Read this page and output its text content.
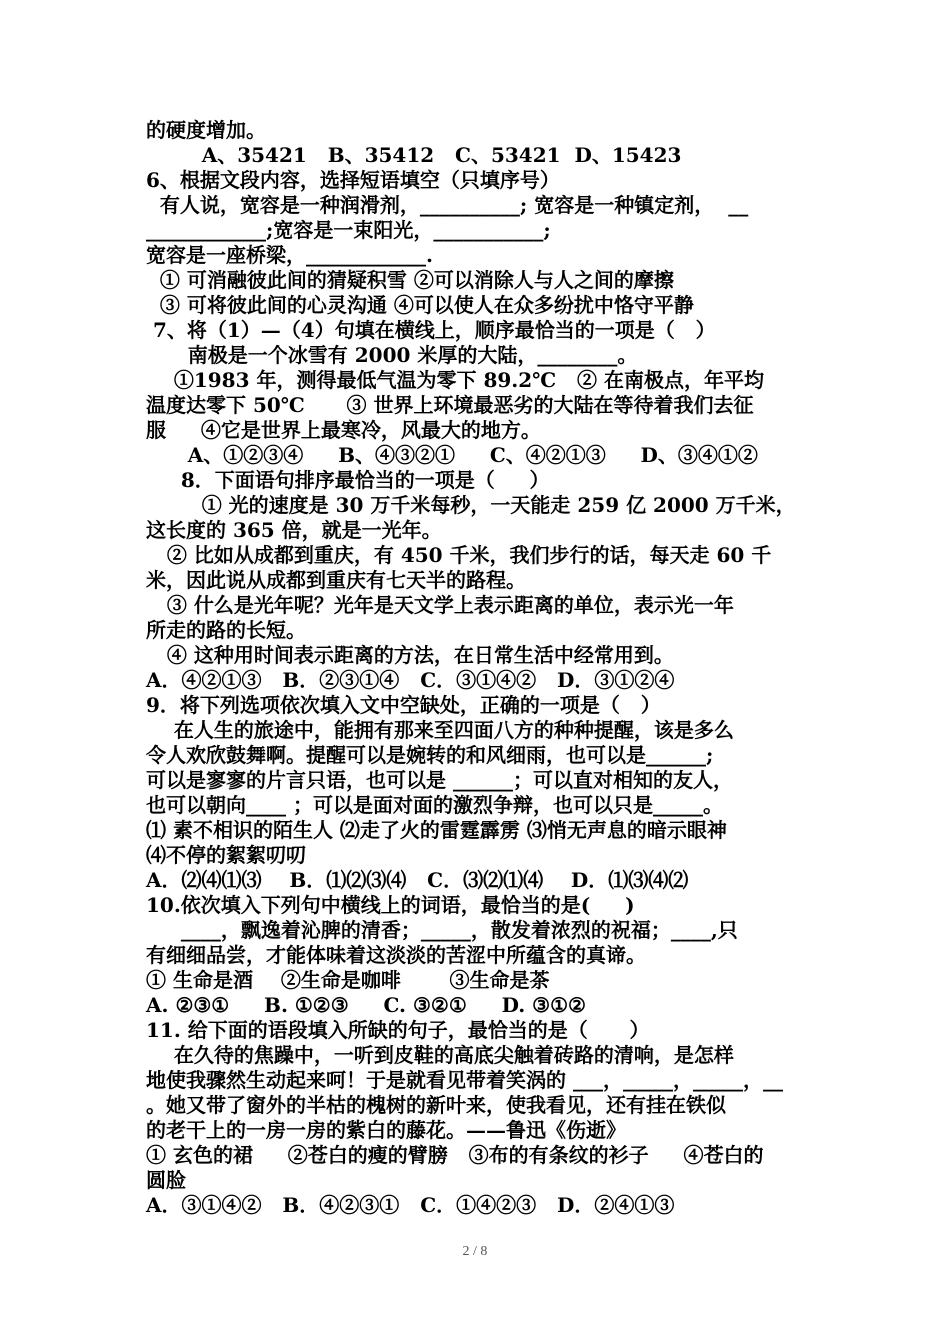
的硬度增加。
A、35421   B、35412   C、53421  D、15423
6、根据文段内容，选择短语填空（只填序号）
有人说，宽容是一种润滑剂，__________; 宽容是一种镇定剂，  __
____________;宽容是一束阳光，___________;
宽容是一座桥梁，____________.
① 可消融彼此间的猜疑积雪 ②可以消除人与人之间的摩擦
③ 可将彼此间的心灵沟通 ④可以使人在众多纷扰中恪守平静
7、将（1）—（4）句填在横线上，顺序最恰当的一项是（   ）
南极是一个冰雪有 2000 米厚的大陆，________。
①1983 年，测得最低气温为零下 89.2℃   ② 在南极点，年平均
温度达零下 50℃      ③ 世界上环境最恶劣的大陆在等待着我们去征
服     ④它是世界上最寒冷，风最大的地方。
A、①②③④     B、④③②①     C、④②①③     D、③④①②
8．下面语句排序最恰当的一项是（     ）
① 光的速度是 30 万千米每秒，一天能走 259 亿 2000 万千米，
这长度的 365 倍，就是一光年。
② 比如从成都到重庆，有 450 千米，我们步行的话，每天走 60 千
米，因此说从成都到重庆有七天半的路程。
③ 什么是光年呢？光年是天文学上表示距离的单位，表示光一年
所走的路的长短。
④ 这种用时间表示距离的方法，在日常生活中经常用到。
A．④②①③   B．②③①④   C．③①④②   D．③①②④
9．将下列选项依次填入文中空缺处，正确的一项是（   ）
在人生的旅途中，能拥有那来至四面八方的种种提醒，该是多么
令人欢欣鼓舞啊。提醒可以是婉转的和风细雨，也可以是______;
可以是寥寥的片言只语，也可以是 ______；可以直对相知的友人，
也可以朝向____ ；可以是面对面的激烈争辩，也可以只是_____。
⑴ 素不相识的陌生人 ⑵走了火的雷霆霹雳 ⑶悄无声息的暗示眼神
⑷不停的絮絮叨叨
A．⑵⑷⑴⑶    B．⑴⑵⑶⑷   C．⑶⑵⑴⑷    D．⑴⑶⑷⑵
10.依次填入下列句中横线上的词语，最恰当的是(     )
____，飘逸着沁脾的清香；_____，散发着浓烈的祝福；____,只
有细细品尝，才能体味着这淡淡的苦涩中所蕴含的真谛。
① 生命是酒    ②生命是咖啡       ③生命是茶
A. ②③①     B. ①②③     C. ③②①     D. ③①②
11. 给下面的语段填入所缺的句子，最恰当的是（      ）
在久待的焦躁中，一听到皮鞋的高底尖触着砖路的清响，是怎样
地使我骤然生动起来呵！于是就看见带着笑涡的 ___，_____，_____，__
。她又带了窗外的半枯的槐树的新叶来，使我看见，还有挂在铁似
的老干上的一房一房的紫白的藤花。——鲁迅《伤逝》
① 玄色的裙     ②苍白的瘦的臂膀   ③布的有条纹的衫子     ④苍白的
圆脸
A．③①④②   B．④②③①   C．①④②③   D．②④①③
2 / 8
